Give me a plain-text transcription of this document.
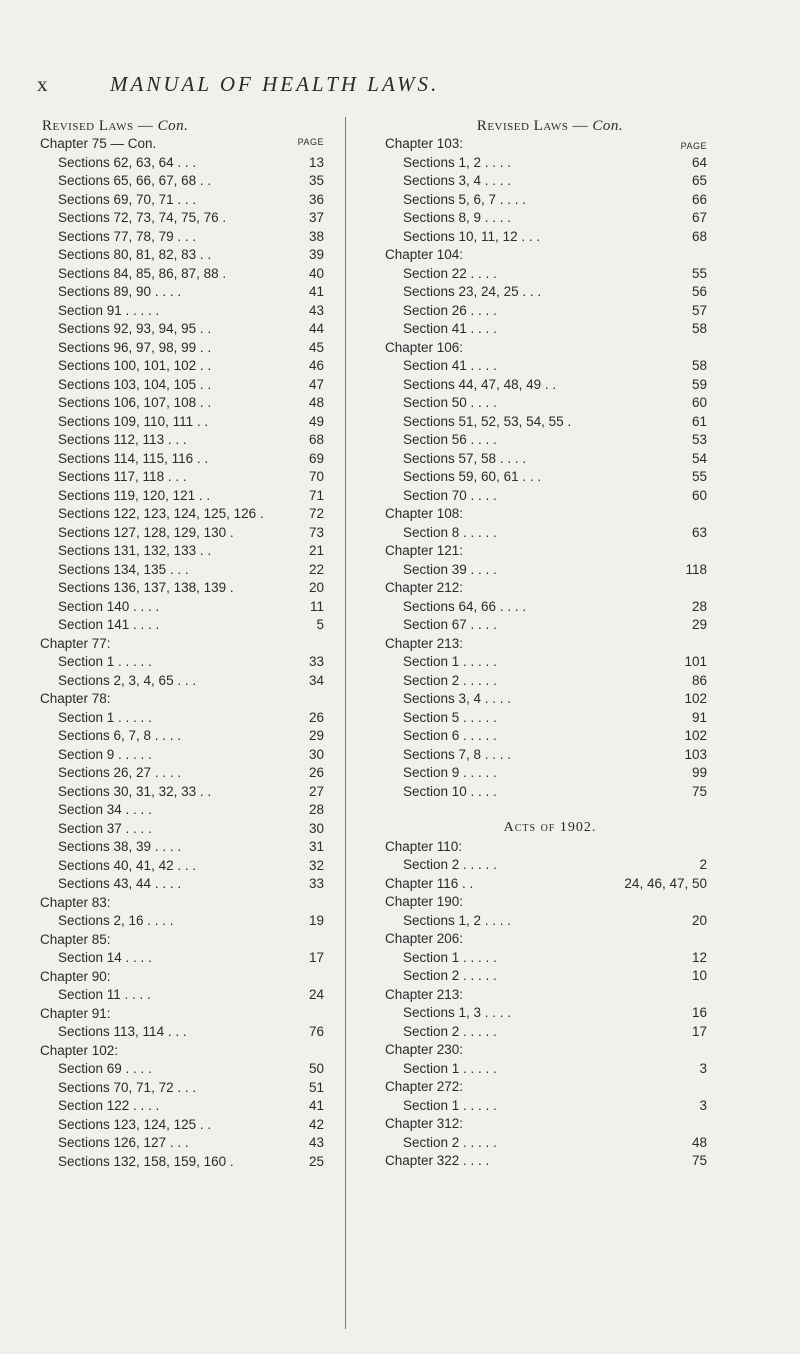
x	MANUAL OF HEALTH LAWS.
Revised Laws — Con.
PAGE
Chapter 75 — Con.
Sections 62, 63, 64 . . .	13
Sections 65, 66, 67, 68 . .	35
Sections 69, 70, 71 . . .	36
Sections 72, 73, 74, 75, 76 .	37
Sections 77, 78, 79 . . .	38
Sections 80, 81, 82, 83 . .	39
Sections 84, 85, 86, 87, 88 .	40
Sections 89, 90 . . . .	41
Section 91 . . . . .	43
Sections 92, 93, 94, 95 . .	44
Sections 96, 97, 98, 99 . .	45
Sections 100, 101, 102 . .	46
Sections 103, 104, 105 . .	47
Sections 106, 107, 108 . .	48
Sections 109, 110, 111 . .	49
Sections 112, 113 . . .	68
Sections 114, 115, 116 . .	69
Sections 117, 118 . . .	70
Sections 119, 120, 121 . .	71
Sections 122, 123, 124, 125, 126 .	72
Sections 127, 128, 129, 130 .	73
Sections 131, 132, 133 . .	21
Sections 134, 135 . . .	22
Sections 136, 137, 138, 139 .	20
Section 140 . . . .	11
Section 141 . . . .	5
Chapter 77:
Section 1 . . . . .	33
Sections 2, 3, 4, 65 . . .	34
Chapter 78:
Section 1 . . . . .	26
Sections 6, 7, 8 . . . .	29
Section 9 . . . . .	30
Sections 26, 27 . . . .	26
Sections 30, 31, 32, 33 . .	27
Section 34 . . . .	28
Section 37 . . . .	30
Sections 38, 39 . . . .	31
Sections 40, 41, 42 . . .	32
Sections 43, 44 . . . .	33
Chapter 83:
Sections 2, 16 . . . .	19
Chapter 85:
Section 14 . . . .	17
Chapter 90:
Section 11 . . . .	24
Chapter 91:
Sections 113, 114 . . .	76
Chapter 102:
Section 69 . . . .	50
Sections 70, 71, 72 . . .	51
Section 122 . . . .	41
Sections 123, 124, 125 . .	42
Sections 126, 127 . . .	43
Sections 132, 158, 159, 160 .	25
Revised Laws — Con.
PAGE
Chapter 103:
Sections 1, 2 . . . .	64
Sections 3, 4 . . . .	65
Sections 5, 6, 7 . . . .	66
Sections 8, 9 . . . .	67
Sections 10, 11, 12 . . .	68
Chapter 104:
Section 22 . . . .	55
Sections 23, 24, 25 . . .	56
Section 26 . . . .	57
Section 41 . . . .	58
Chapter 106:
Section 41 . . . .	58
Sections 44, 47, 48, 49 . .	59
Section 50 . . . .	60
Sections 51, 52, 53, 54, 55 .	61
Section 56 . . . .	53
Sections 57, 58 . . . .	54
Sections 59, 60, 61 . . .	55
Section 70 . . . .	60
Chapter 108:
Section 8 . . . . .	63
Chapter 121:
Section 39 . . . .	118
Chapter 212:
Sections 64, 66 . . . .	28
Section 67 . . . .	29
Chapter 213:
Section 1 . . . . .	101
Section 2 . . . . .	86
Sections 3, 4 . . . .	102
Section 5 . . . . .	91
Section 6 . . . . .	102
Sections 7, 8 . . . .	103
Section 9 . . . . .	99
Section 10 . . . .	75
Acts of 1902.
Chapter 110:
Section 2 . . . . .	2
Chapter 116 . .	24, 46, 47, 50
Chapter 190:
Sections 1, 2 . . . .	20
Chapter 206:
Section 1 . . . . .	12
Section 2 . . . . .	10
Chapter 213:
Sections 1, 3 . . . .	16
Section 2 . . . . .	17
Chapter 230:
Section 1 . . . . .	3
Chapter 272:
Section 1 . . . . .	3
Chapter 312:
Section 2 . . . . .	48
Chapter 322 . . . .	75
